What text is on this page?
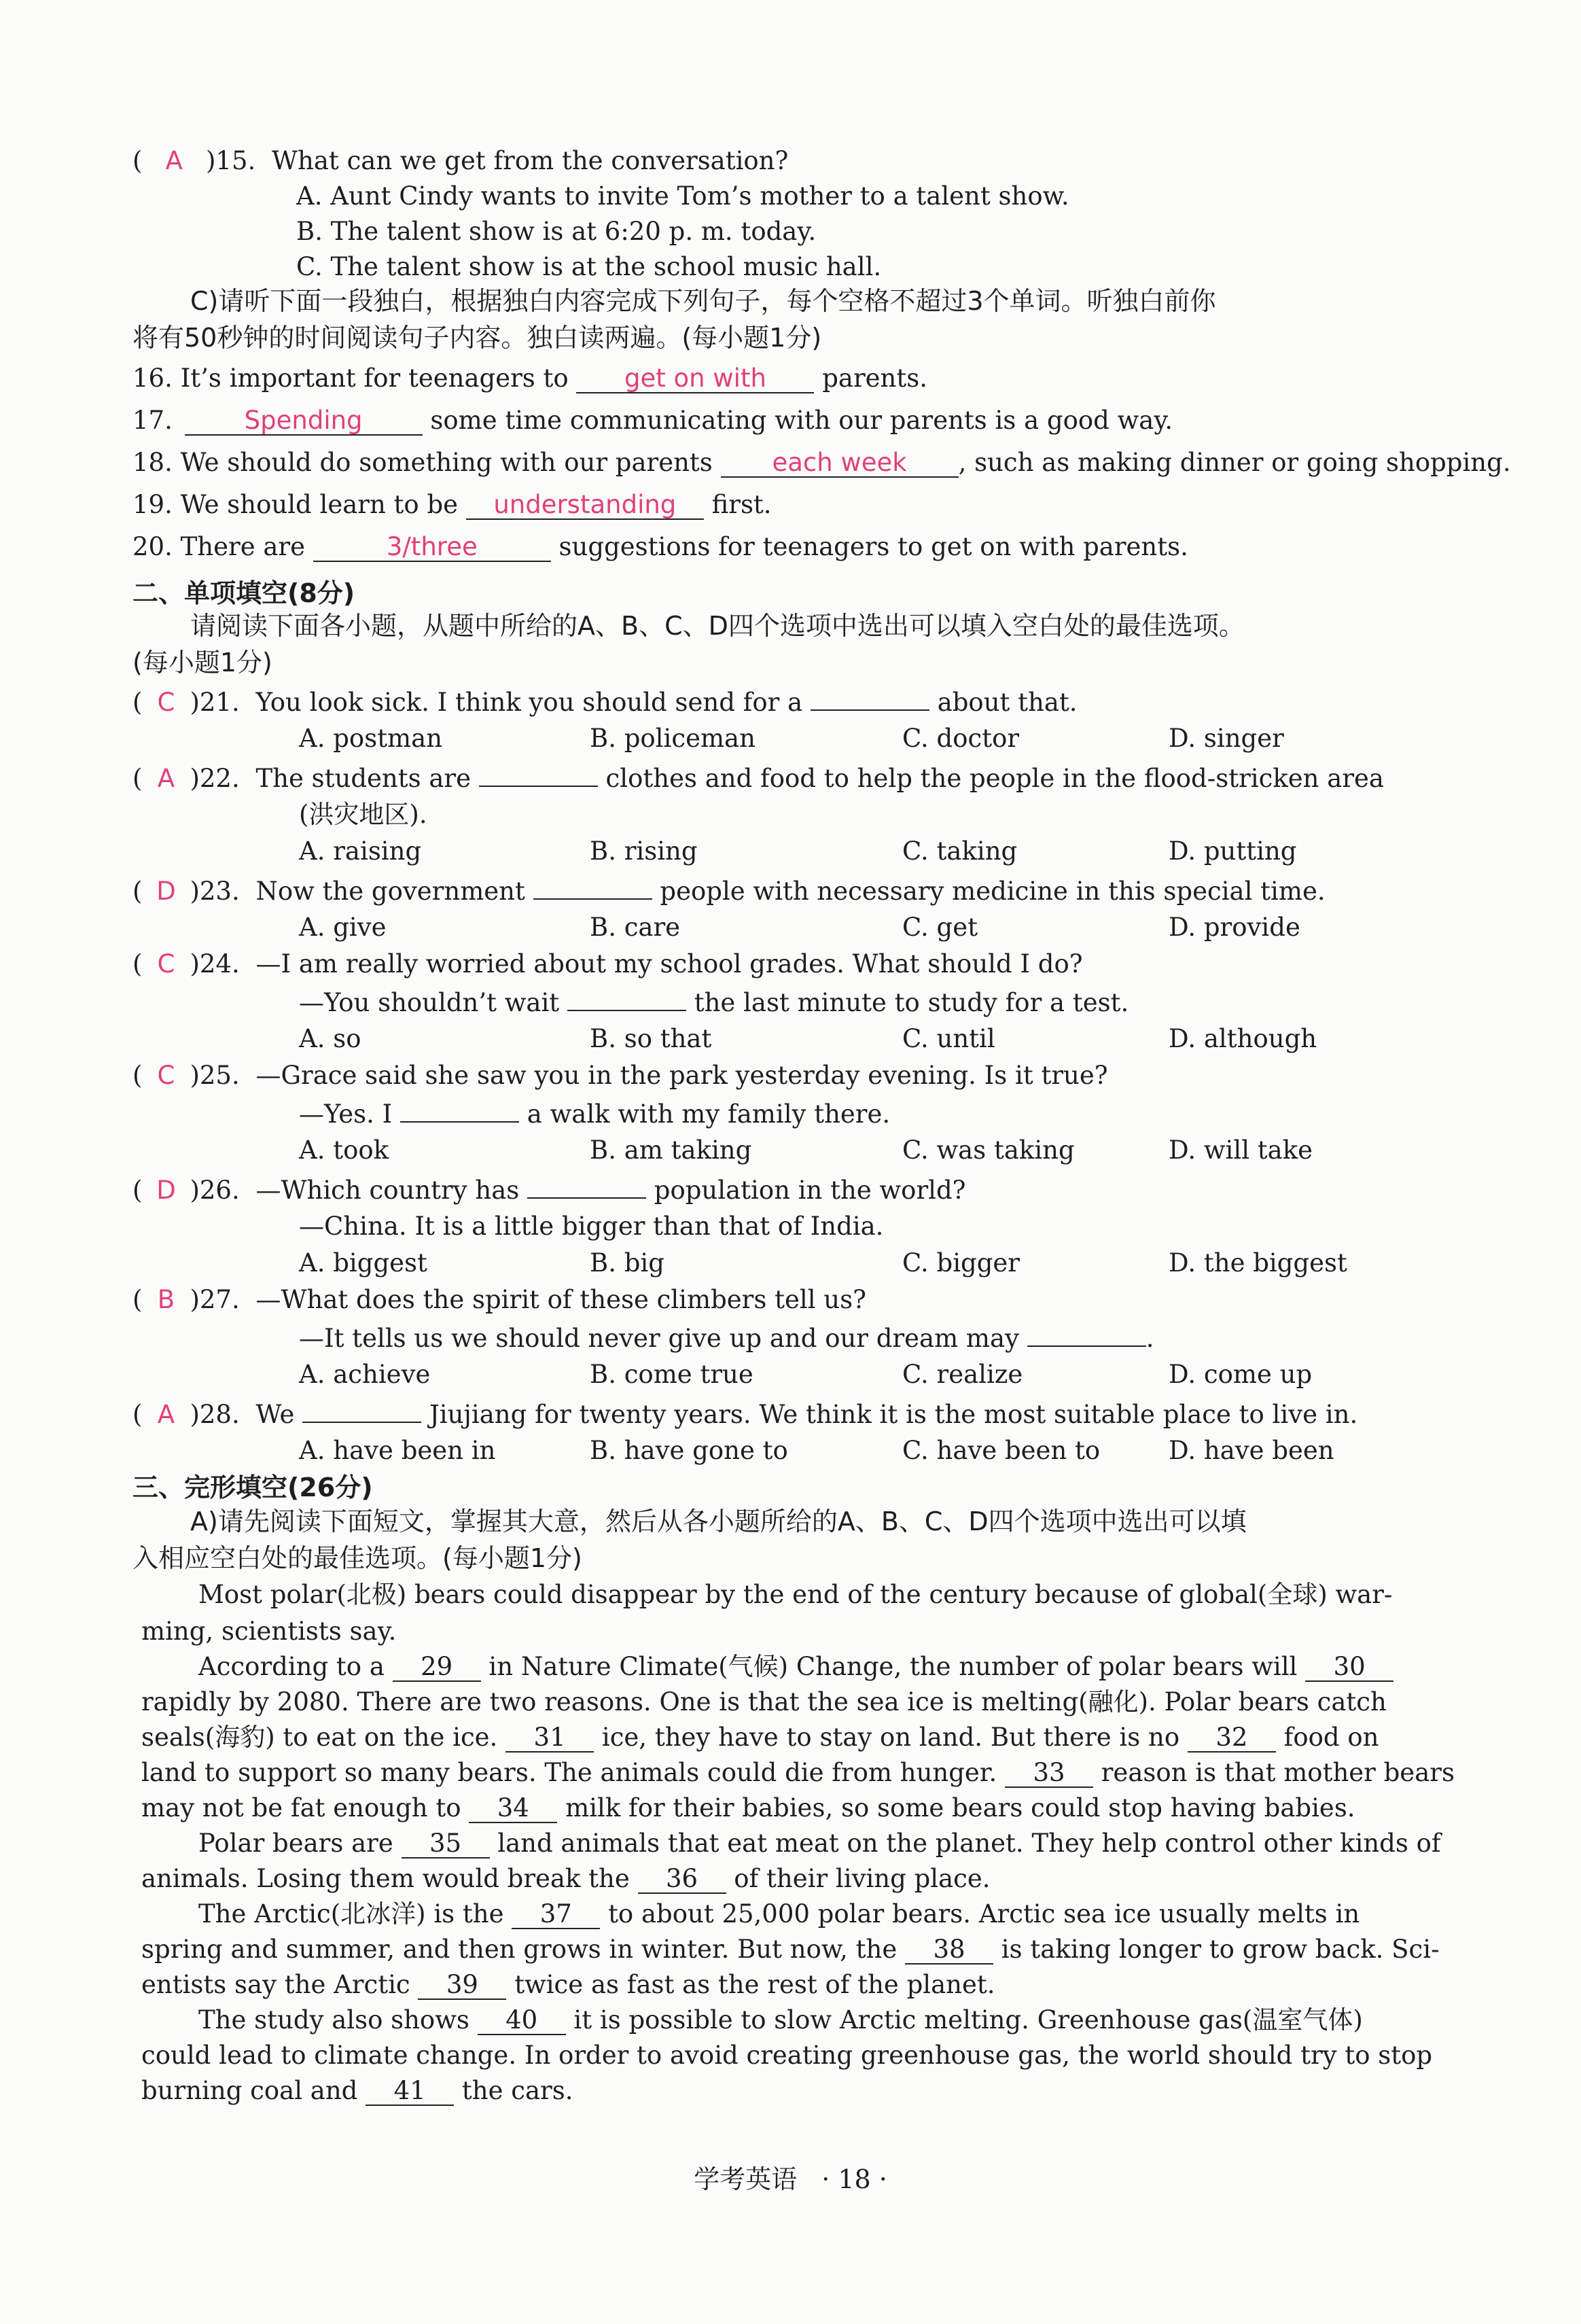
( A )15. What can we get from the conversation?
A. Aunt Cindy wants to invite Tom’s mother to a talent show.
B. The talent show is at 6:20 p. m. today.
C. The talent show is at the school music hall.
C)请听下面一段独白，根据独白内容完成下列句子，每个空格不超过3个单词。听独白前你
将有50秒钟的时间阅读句子内容。独白读两遍。(每小题1分)
16. It’s important for teenagers to get on with parents.
17.	Spending	some time communicating with our parents is a good way.
18. We should do something with our parents each week , such as making dinner or going shopping.
19. We should learn to be understanding first.
20. There are	3/three	suggestions for teenagers to get on with parents.
二、单项填空(8分)
请阅读下面各小题，从题中所给的A、B、C、D四个选项中选出可以填入空白处的最佳选项。
(每小题1分)
( C )21. You look sick. I think you should send for a	about that.
A. postman	B. policeman	C. doctor	D. singer
( A )22. The students are	clothes and food to help the people in the flood-stricken area
(洪灾地区).
A. raising	B. rising	C. taking	D. putting
( D )23. Now the government	people with necessary medicine in this special time.
A. give	B. care	C. get	D. provide
( C )24. —I am really worried about my school grades. What should I do?
—You shouldn’t wait	the last minute to study for a test.
A. so	B. so that	C. until	D. although
( C )25. —Grace said she saw you in the park yesterday evening. Is it true?
—Yes. I	a walk with my family there.
A. took	B. am taking	C. was taking	D. will take
( D )26. —Which country has	population in the world?
—China. It is a little bigger than that of India.
A. biggest	B. big	C. bigger	D. the biggest
( B )27. —What does the spirit of these climbers tell us?
—It tells us we should never give up and our dream may	.
A. achieve	B. come true	C. realize	D. come up
( A )28. We	Jiujiang for twenty years. We think it is the most suitable place to live in.
A. have been in	B. have gone to	C. have been to	D. have been
三、完形填空(26分)
A)请先阅读下面短文，掌握其大意，然后从各小题所给的A、B、C、D四个选项中选出可以填
入相应空白处的最佳选项。(每小题1分)
Most polar(北极) bears could disappear by the end of the century because of global(全球) war-
ming, scientists say.
According to a 29 in Nature Climate(气候) Change, the number of polar bears will 30
rapidly by 2080. There are two reasons. One is that the sea ice is melting(融化). Polar bears catch
seals(海豹) to eat on the ice. 31 ice, they have to stay on land. But there is no 32 food on
land to support so many bears. The animals could die from hunger. 33 reason is that mother bears
may not be fat enough to 34 milk for their babies, so some bears could stop having babies.
Polar bears are 35 land animals that eat meat on the planet. They help control other kinds of
animals. Losing them would break the 36 of their living place.
The Arctic(北冰洋) is the 37 to about 25,000 polar bears. Arctic sea ice usually melts in
spring and summer, and then grows in winter. But now, the 38 is taking longer to grow back. Sci-
entists say the Arctic 39 twice as fast as the rest of the planet.
The study also shows 40 it is possible to slow Arctic melting. Greenhouse gas(温室气体)
could lead to climate change. In order to avoid creating greenhouse gas, the world should try to stop
burning coal and 41 the cars.
学考英语 · 18 ·
